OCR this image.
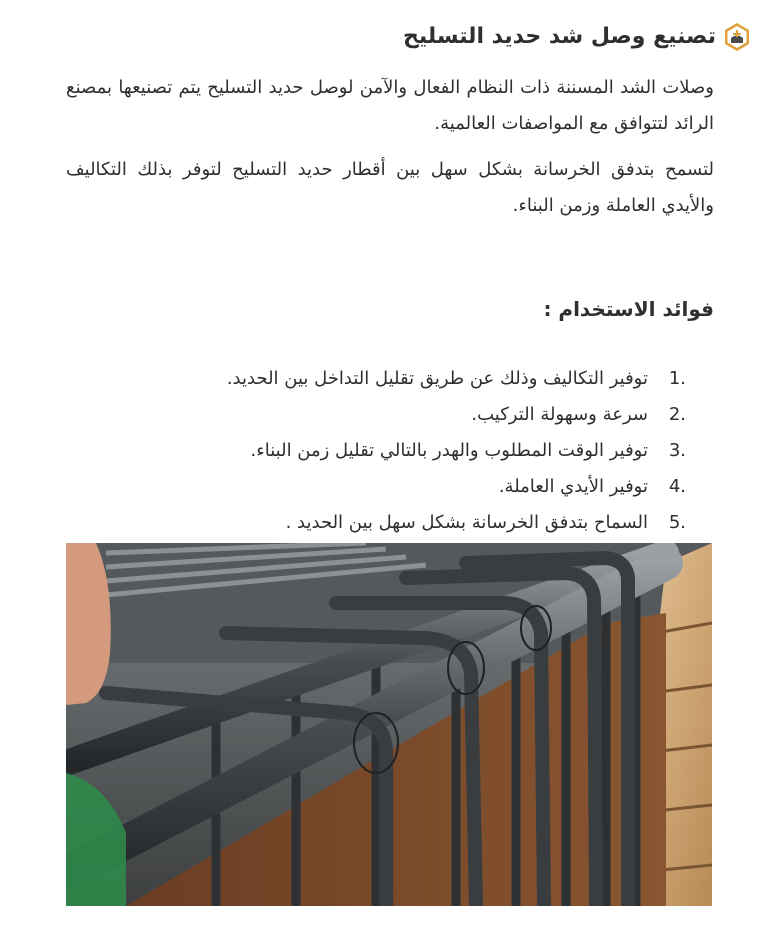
تصنيع وصل شد حديد التسليح

وصلات الشد المسننة ذات النظام الفعال والآمن لوصل حديد التسليح يتم تصنيعها بمصنع الرائد لتتوافق مع المواصفات العالمية.

لتسمح بتدفق الخرسانة بشكل سهل بين أقطار حديد التسليح لتوفر بذلك التكاليف والأيدي العاملة وزمن البناء.

فوائد الاستخدام :
1.
توفير التكاليف وذلك عن طريق تقليل التداخل بين الحديد.
2.
سرعة وسهولة التركيب.
3.
توفير الوقت المطلوب والهدر بالتالي تقليل زمن البناء.
4.
توفير الأيدي العاملة.
5.
السماح بتدفق الخرسانة بشكل سهل بين الحديد .
